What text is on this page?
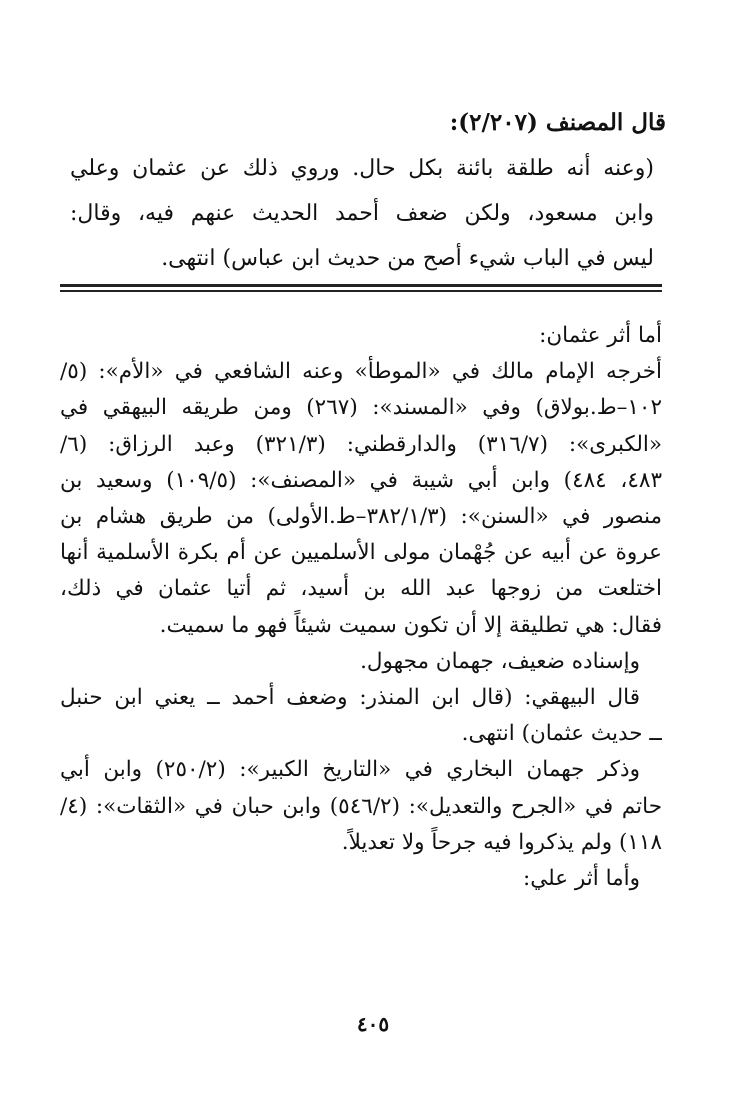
قال المصنف (٢/٢٠٧):

(وعنه أنه طلقة بائنة بكل حال. وروي ذلك عن عثمان وعلي

وابن مسعود، ولكن ضعف أحمد الحديث عنهم فيه، وقال:

ليس في الباب شيء أصح من حديث ابن عباس) انتهى.

أما أثر عثمان:

أخرجه الإمام مالك في «الموطأ» وعنه الشافعي في «الأم»: (٥/

١٠٢–ط.بولاق) وفي «المسند»: (٢٦٧) ومن طريقه البيهقي في

«الكبرى»: (٣١٦/٧) والدارقطني: (٣٢١/٣) وعبد الرزاق: (٦/

٤٨٣، ٤٨٤) وابن أبي شيبة في «المصنف»: (١٠٩/٥) وسعيد بن

منصور في «السنن»: (٣٨٢/١/٣–ط.الأولى) من طريق هشام بن

عروة عن أبيه عن جُهْمان مولى الأسلميين عن أم بكرة الأسلمية أنها

اختلعت من زوجها عبد الله بن أسيد، ثم أتيا عثمان في ذلك،

فقال: هي تطليقة إلا أن تكون سميت شيئاً فهو ما سميت.

وإسناده ضعيف، جهمان مجهول.

قال البيهقي: (قال ابن المنذر: وضعف أحمد ــ يعني ابن حنبل

ــ حديث عثمان) انتهى.

وذكر جهمان البخاري في «التاريخ الكبير»: (٢٥٠/٢) وابن أبي

حاتم في «الجرح والتعديل»: (٥٤٦/٢) وابن حبان في «الثقات»: (٤/

١١٨) ولم يذكروا فيه جرحاً ولا تعديلاً.

وأما أثر علي:

٤٠٥
